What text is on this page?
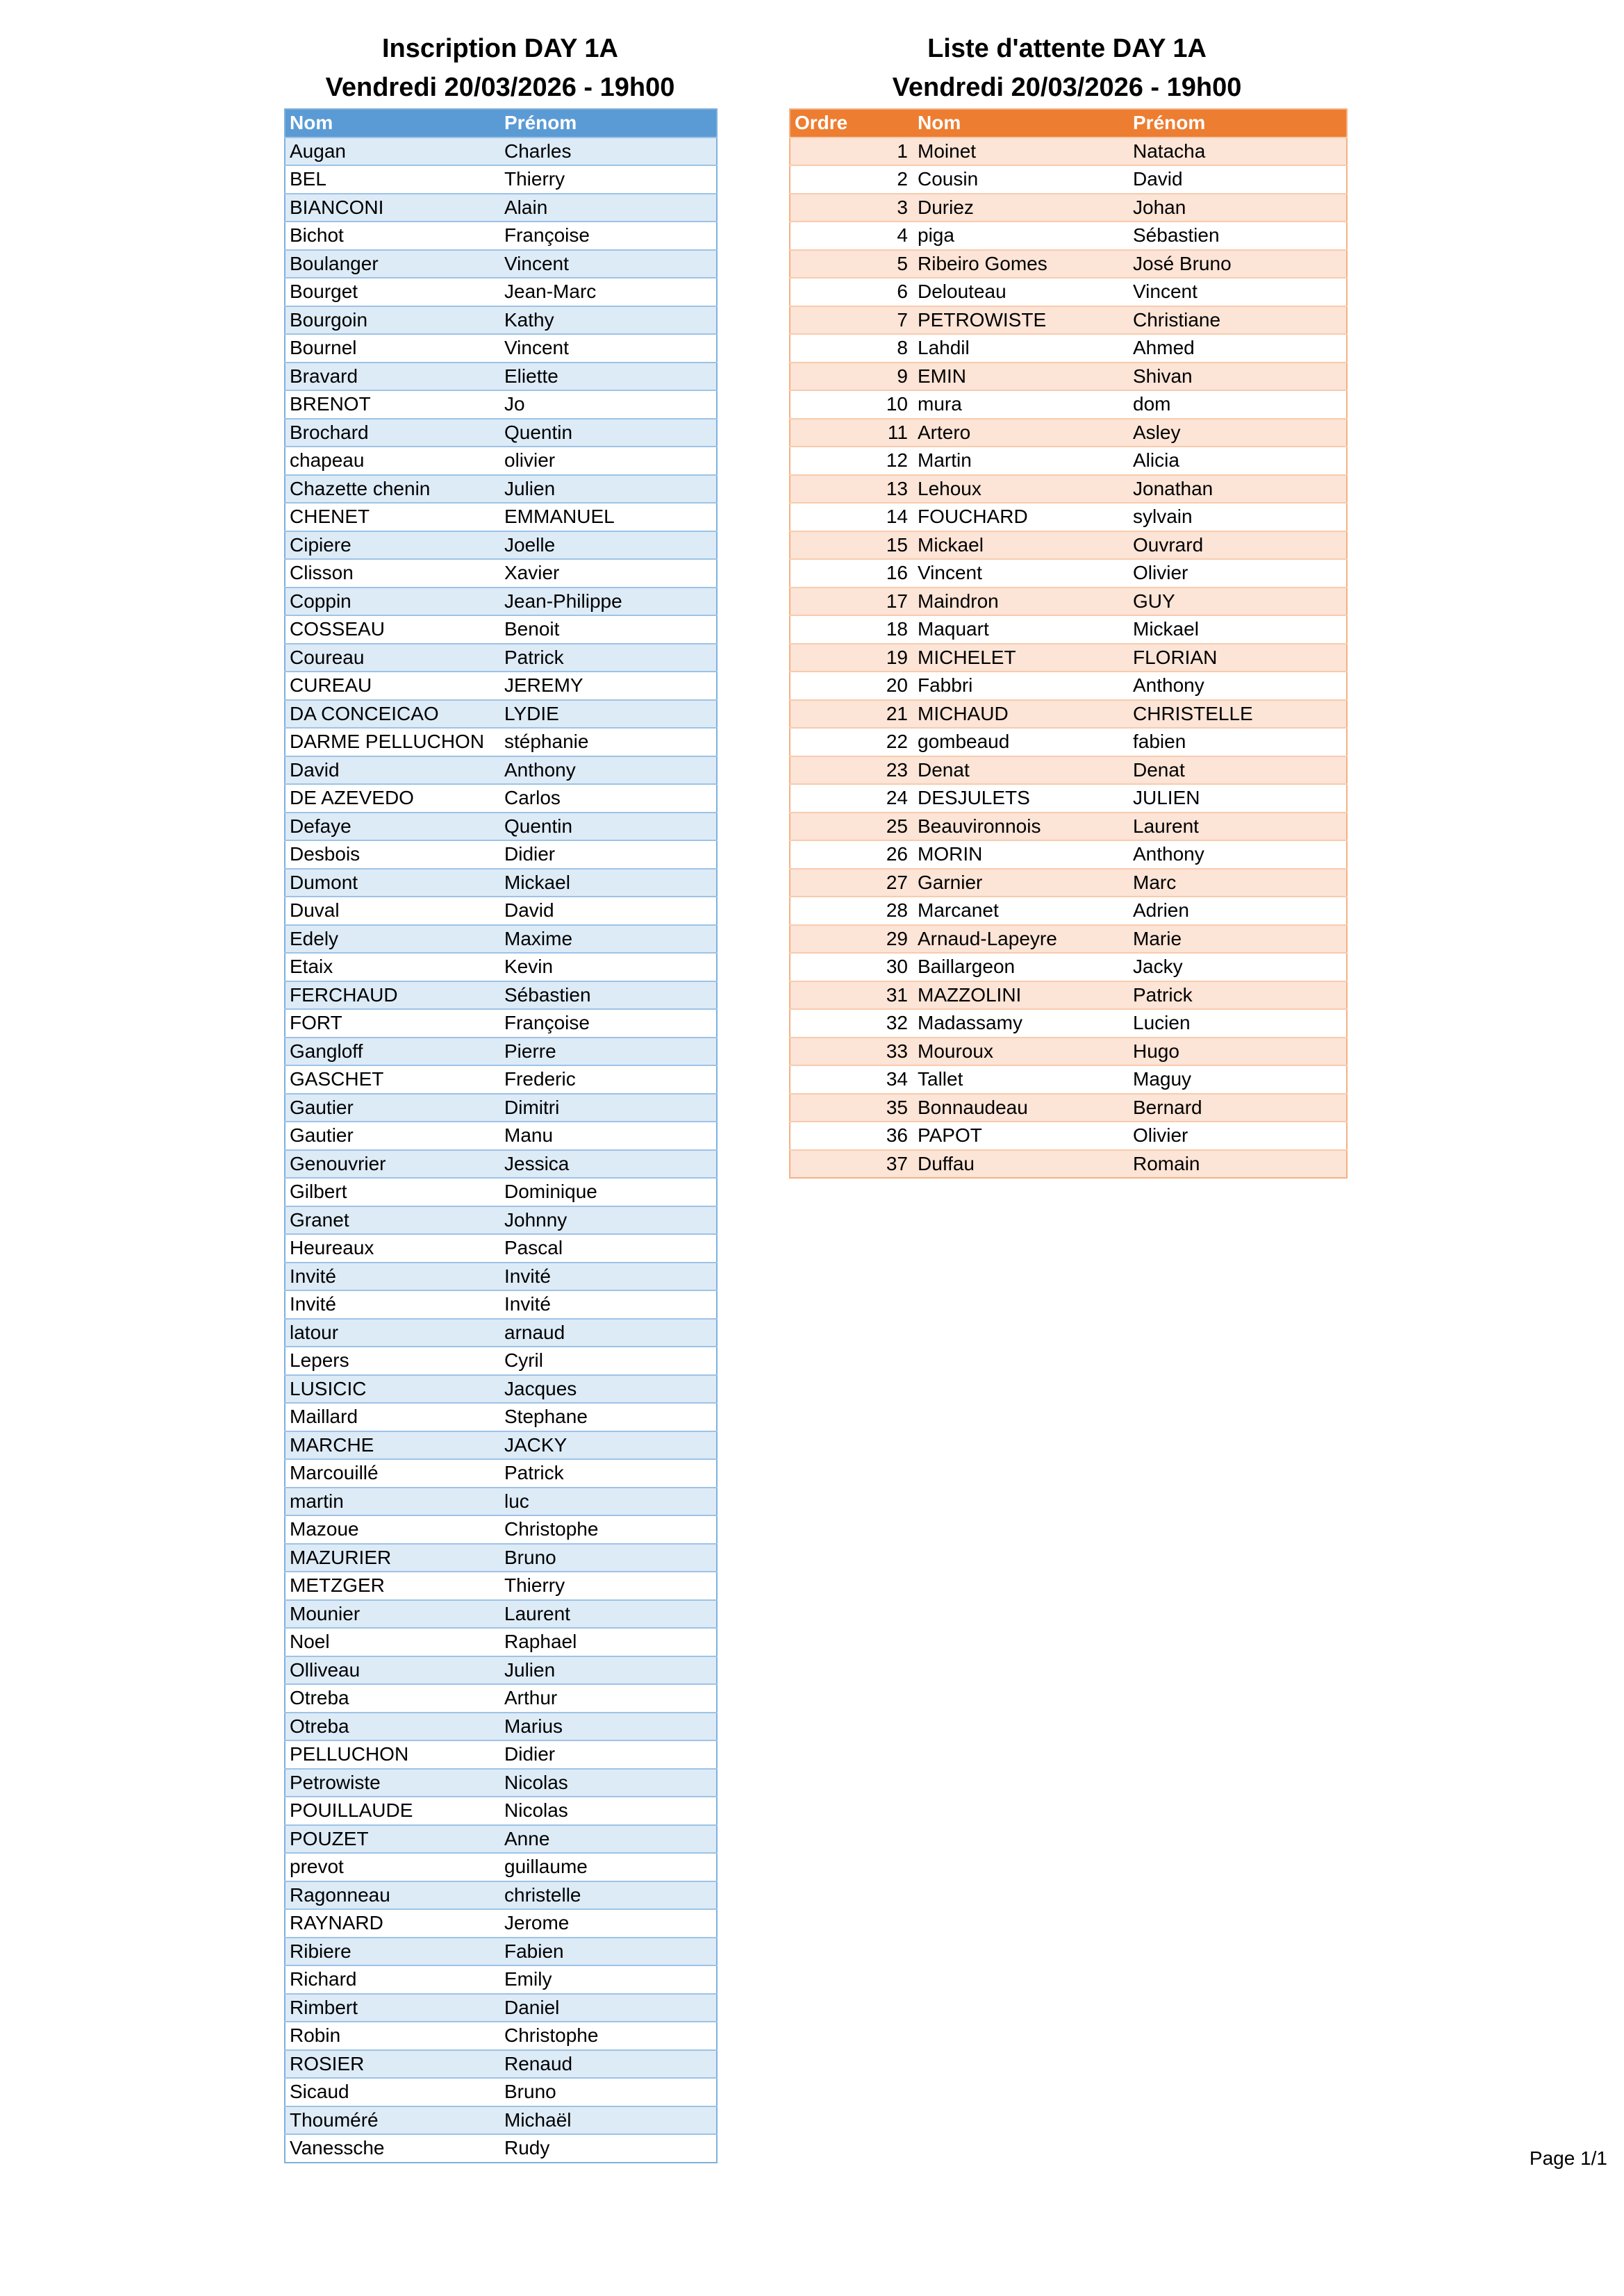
Inscription DAY 1A
Vendredi 20/03/2026 - 19h00
Liste d'attente DAY 1A
Vendredi 20/03/2026 - 19h00
Nom	Prénom
Augan	Charles
BEL	Thierry
BIANCONI	Alain
Bichot	Françoise
Boulanger	Vincent
Bourget	Jean-Marc
Bourgoin	Kathy
Bournel	Vincent
Bravard	Eliette
BRENOT	Jo
Brochard	Quentin
chapeau	olivier
Chazette chenin	Julien
CHENET	EMMANUEL
Cipiere	Joelle
Clisson	Xavier
Coppin	Jean-Philippe
COSSEAU	Benoit
Coureau	Patrick
CUREAU	JEREMY
DA CONCEICAO	LYDIE
DARME PELLUCHON	stéphanie
David	Anthony
DE AZEVEDO	Carlos
Defaye	Quentin
Desbois	Didier
Dumont	Mickael
Duval	David
Edely	Maxime
Etaix	Kevin
FERCHAUD	Sébastien
FORT	Françoise
Gangloff	Pierre
GASCHET	Frederic
Gautier	Dimitri
Gautier	Manu
Genouvrier	Jessica
Gilbert	Dominique
Granet	Johnny
Heureaux	Pascal
Invité	Invité
Invité	Invité
latour	arnaud
Lepers	Cyril
LUSICIC	Jacques
Maillard	Stephane
MARCHE	JACKY
Marcouillé	Patrick
martin	luc
Mazoue	Christophe
MAZURIER	Bruno
METZGER	Thierry
Mounier	Laurent
Noel	Raphael
Olliveau	Julien
Otreba	Arthur
Otreba	Marius
PELLUCHON	Didier
Petrowiste	Nicolas
POUILLAUDE	Nicolas
POUZET	Anne
prevot	guillaume
Ragonneau	christelle
RAYNARD	Jerome
Ribiere	Fabien
Richard	Emily
Rimbert	Daniel
Robin	Christophe
ROSIER	Renaud
Sicaud	Bruno
Thouméré	Michaël
Vanessche	Rudy
Ordre	Nom	Prénom
1	Moinet	Natacha
2	Cousin	David
3	Duriez	Johan
4	piga	Sébastien
5	Ribeiro Gomes	José Bruno
6	Delouteau	Vincent
7	PETROWISTE	Christiane
8	Lahdil	Ahmed
9	EMIN	Shivan
10	mura	dom
11	Artero	Asley
12	Martin	Alicia
13	Lehoux	Jonathan
14	FOUCHARD	sylvain
15	Mickael	Ouvrard
16	Vincent	Olivier
17	Maindron	GUY
18	Maquart	Mickael
19	MICHELET	FLORIAN
20	Fabbri	Anthony
21	MICHAUD	CHRISTELLE
22	gombeaud	fabien
23	Denat	Denat
24	DESJULETS	JULIEN
25	Beauvironnois	Laurent
26	MORIN	Anthony
27	Garnier	Marc
28	Marcanet	Adrien
29	Arnaud-Lapeyre	Marie
30	Baillargeon	Jacky
31	MAZZOLINI	Patrick
32	Madassamy	Lucien
33	Mouroux	Hugo
34	Tallet	Maguy
35	Bonnaudeau	Bernard
36	PAPOT	Olivier
37	Duffau	Romain
Page 1/1
